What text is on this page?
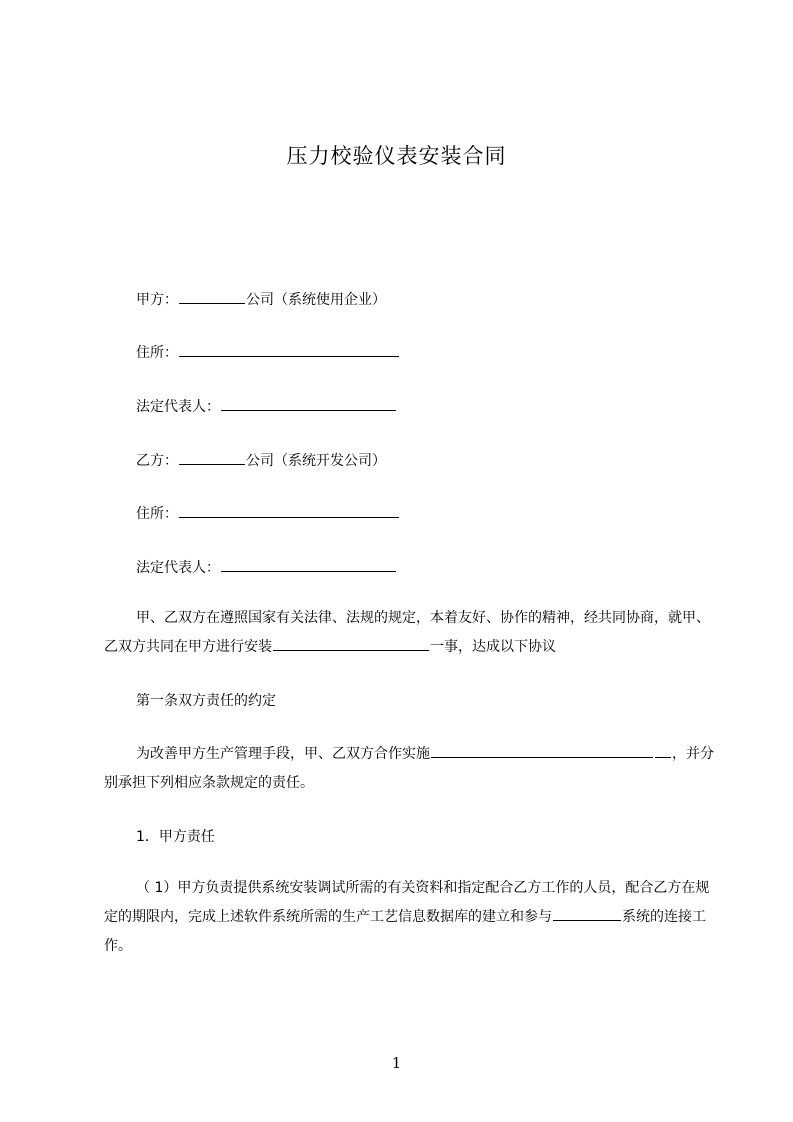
压力校验仪表安装合同
甲方：	公司（系统使用企业）
住所：
法定代表人：
乙方：	公司（系统开发公司）
住所：
法定代表人：
甲、乙双方在遵照国家有关法律、法规的规定，本着友好、协作的精神，经共同协商，就甲、乙双方共同在甲方进行安装	一事，达成以下协议
第一条双方责任的约定
为改善甲方生产管理手段，甲、乙双方合作实施	，并分别承担下列相应条款规定的责任。
1．甲方责任
（ 1）甲方负责提供系统安装调试所需的有关资料和指定配合乙方工作的人员，配合乙方在规定的期限内，完成上述软件系统所需的生产工艺信息数据库的建立和参与	系统的连接工作。
1
